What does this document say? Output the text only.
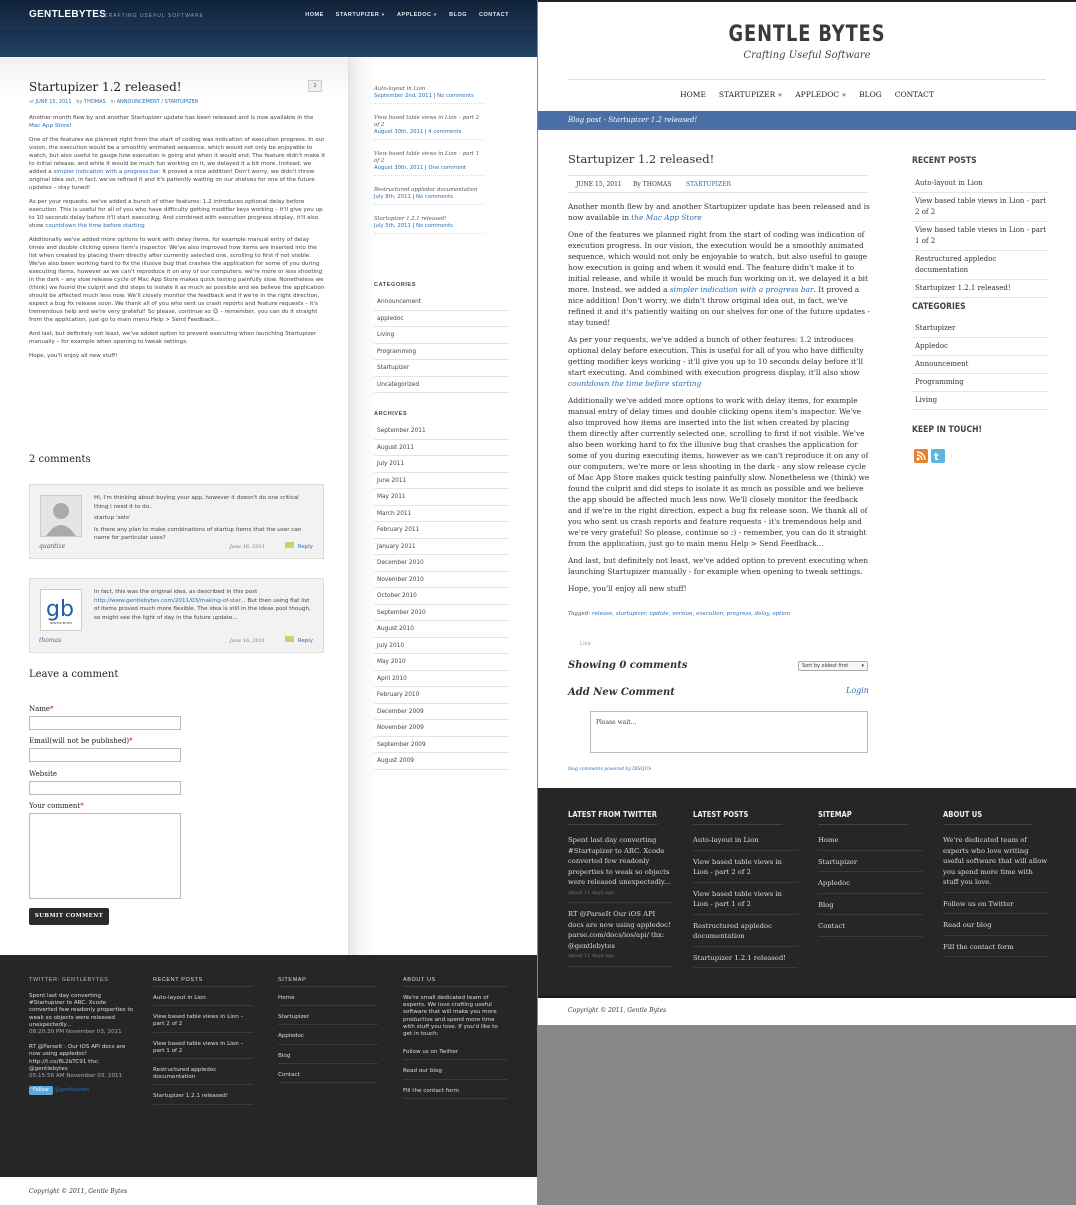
GENTLEBYTES
CRAFTING USEFUL SOFTWARE	HOME STARTUPIZER » APPLEDOC » BLOG CONTACT
Startupizer 1.2 released!	2
at JUNE 15, 2011 by THOMAS in ANNOUNCEMENT / STARTUPIZER

Another month flew by and another Startupizer update has been released and is now available in the Mac App Store!

One of the features we planned right from the start of coding was indication of execution progress. In our vision, the execution would be a smoothly animated sequence, which would not only be enjoyable to watch, but also useful to gauge how execution is going and when it would end. The feature didn't make it to initial release, and while it would be much fun working on it, we delayed it a bit more. Instead, we added a simpler indication with a progress bar. It proved a nice addition! Don't worry, we didn't throw original idea out, in fact, we've refined it and it's patiently waiting on our shelves for one of the future updates – stay tuned!

As per your requests, we've added a bunch of other features: 1.2 introduces optional delay before execution. This is useful for all of you who have difficulty getting modifier keys working – it'll give you up to 10 seconds delay before it'll start executing. And combined with execution progress display, it'll also show countdown the time before starting

Additionally we've added more options to work with delay items, for example manual entry of delay times and double clicking opens item's inspector. We've also improved how items are inserted into the list when created by placing them directly after currently selected one, scrolling to first if not visible. We've also been working hard to fix the illusive bug that crashes the application for some of you during executing items, however as we can't reproduce it on any of our computers, we're more or less shooting in the dark – any slow release cycle of Mac App Store makes quick testing painfully slow. Nonetheless we (think) we found the culprit and did steps to isolate it as much as possible and we believe the application should be affected much less now. We'll closely monitor the feedback and if we're in the right direction, expect a bug fix release soon. We thank all of you who sent us crash reports and feature requests – it's tremendous help and we're very grateful! So please, continue so 😊 – remember, you can do it straight from the application, just go to main menu Help > Send Feedback…

And last, but definitely not least, we've added option to prevent executing when launching Startupizer manually – for example when opening to tweak settings.

Hope, you'll enjoy all new stuff!

2 comments
quantize
Hi, I'm thinking about buying your app, however it doesn't do one critical thing i need it to do..
startup 'sets'
Is there any plan to make combinations of startup items that the user can name for particular uses?
June 16, 2011	Reply
gb
GENTLE BYTES
thomas
In fact, this was the original idea, as described in this post
http://www.gentlebytes.com/2011/03/making-of-star... But then using flat list of items proved much more flexible. The idea is still in the ideas pool though, so might see the light of day in the future update...
June 16, 2011	Reply
Leave a comment
Name*
Email(will not be published)*
Website
Your comment*
SUBMIT COMMENT
Auto-layout in Lion
September 2nd, 2011 | No comments
View based table views in Lion – part 2 of 2
August 30th, 2011 | 4 comments
View based table views in Lion – part 1 of 2
August 30th, 2011 | One comment
Restructured appledoc documentation
July 8th, 2011 | No comments
Startupizer 1.2.1 released!
July 5th, 2011 | No comments
CATEGORIES
Announcement
appledoc
Living
Programming
Startupizer
Uncategorized
ARCHIVES
September 2011
August 2011
July 2011
June 2011
May 2011
March 2011
February 2011
January 2011
December 2010
November 2010
October 2010
September 2010
August 2010
July 2010
May 2010
April 2010
February 2010
December 2009
November 2009
September 2009
August 2009
TWITTER: GENTLEBYTES
Spent last day converting #Startupizer to ARC. Xcode converted few readonly properties to weak so objects were released unexpectedly...
08:20:30 PM November 03, 2011
RT @ParseIt : Our iOS API docs are now using appledoc! http://t.co/8L2bTC91 thx: @gentlebytes
05:15:56 AM November 03, 2011
Follow @gentlebytes
RECENT POSTS
Auto-layout in Lion
View based table views in Lion – part 2 of 2
View based table views in Lion – part 1 of 2
Restructured appledoc documentation
Startupizer 1.2.1 released!
SITEMAP
Home
Startupizer
Appledoc
Blog
Contact
ABOUT US
We're small dedicated team of experts. We love crafting useful software that will make you more productive and spend more time with stuff you love. If you'd like to get in touch:
Follow us on Twitter
Read our blog
Fill the contact form
Copyright © 2011, Gentle Bytes
GENTLE BYTES
Crafting Useful Software
HOME STARTUPIZER » APPLEDOC » BLOG CONTACT
Blog post - Startupizer 1.2 released!
Startupizer 1.2 released!
JUNE 15, 2011 By THOMAS STARTUPIZER

Another month flew by and another Startupizer update has been released and is now available in the Mac App Store

One of the features we planned right from the start of coding was indication of execution progress. In our vision, the execution would be a smoothly animated sequence, which would not only be enjoyable to watch, but also useful to gauge how execution is going and when it would end. The feature didn't make it to initial release, and while it would be much fun working on it, we delayed it a bit more. Instead, we added a simpler indication with a progress bar. It proved a nice addition! Don't worry, we didn't throw original idea out, in fact, we've refined it and it's patiently waiting on our shelves for one of the future updates - stay tuned!

As per your requests, we've added a bunch of other features: 1.2 introduces optional delay before execution. This is useful for all of you who have difficulty getting modifier keys working - it'll give you up to 10 seconds delay before it'll start executing. And combined with execution progress display, it'll also show countdown the time before starting

Additionally we've added more options to work with delay items, for example manual entry of delay times and double clicking opens item's inspector. We've also improved how items are inserted into the list when created by placing them directly after currently selected one, scrolling to first if not visible. We've also been working hard to fix the illusive bug that crashes the application for some of you during executing items, however as we can't reproduce it on any of our computers, we're more or less shooting in the dark - any slow release cycle of Mac App Store makes quick testing painfully slow. Nonetheless we (think) we found the culprit and did steps to isolate it as much as possible and we believe the app should be affected much less now. We'll closely monitor the feedback and if we're in the right direction, expect a bug fix release soon. We thank all of you who sent us crash reports and feature requests - it's tremendous help and we're very grateful! So please, continue so :) - remember, you can do it straight from the application, just go to main menu Help > Send Feedback...

And last, but definitely not least, we've added option to prevent executing when launching Startupizer manually - for example when opening to tweak settings.

Hope, you'll enjoy all new stuff!

Tagged: release, startupizer, update, version, execution, progress, delay, option
Like
Showing 0 comments	Sort by oldest first	▾
Add New Comment	Login
Please wait...
blog comments powered by DISQUS
RECENT POSTS
Auto-layout in Lion
View based table views in Lion - part 2 of 2
View based table views in Lion - part 1 of 2
Restructured appledoc documentation
Startupizer 1.2.1 released!
CATEGORIES
Startupizer
Appledoc
Announcement
Programming
Living
KEEP IN TOUCH!
t
LATEST FROM TWITTER
Spent last day converting #Startupizer to ARC. Xcode converted few readonly properties to weak so objects were released unexpectedly...
about 11 days ago
RT @ParseIt Our iOS API docs are now using appledoc! parse.com/docs/ios/api/ thx: @gentlebytes
about 11 days ago
LATEST POSTS
Auto-layout in Lion
View based table views in Lion - part 2 of 2
View based table views in Lion - part 1 of 2
Restructured appledoc documentation
Startupizer 1.2.1 released!
SITEMAP
Home
Startupizer
Appledoc
Blog
Contact
ABOUT US
We're dedicated team of experts who love writing useful software that will allow you spend more time with stuff you love.
Follow us on Twitter
Read our blog
Fill the contact form
Copyright © 2011, Gentle Bytes
